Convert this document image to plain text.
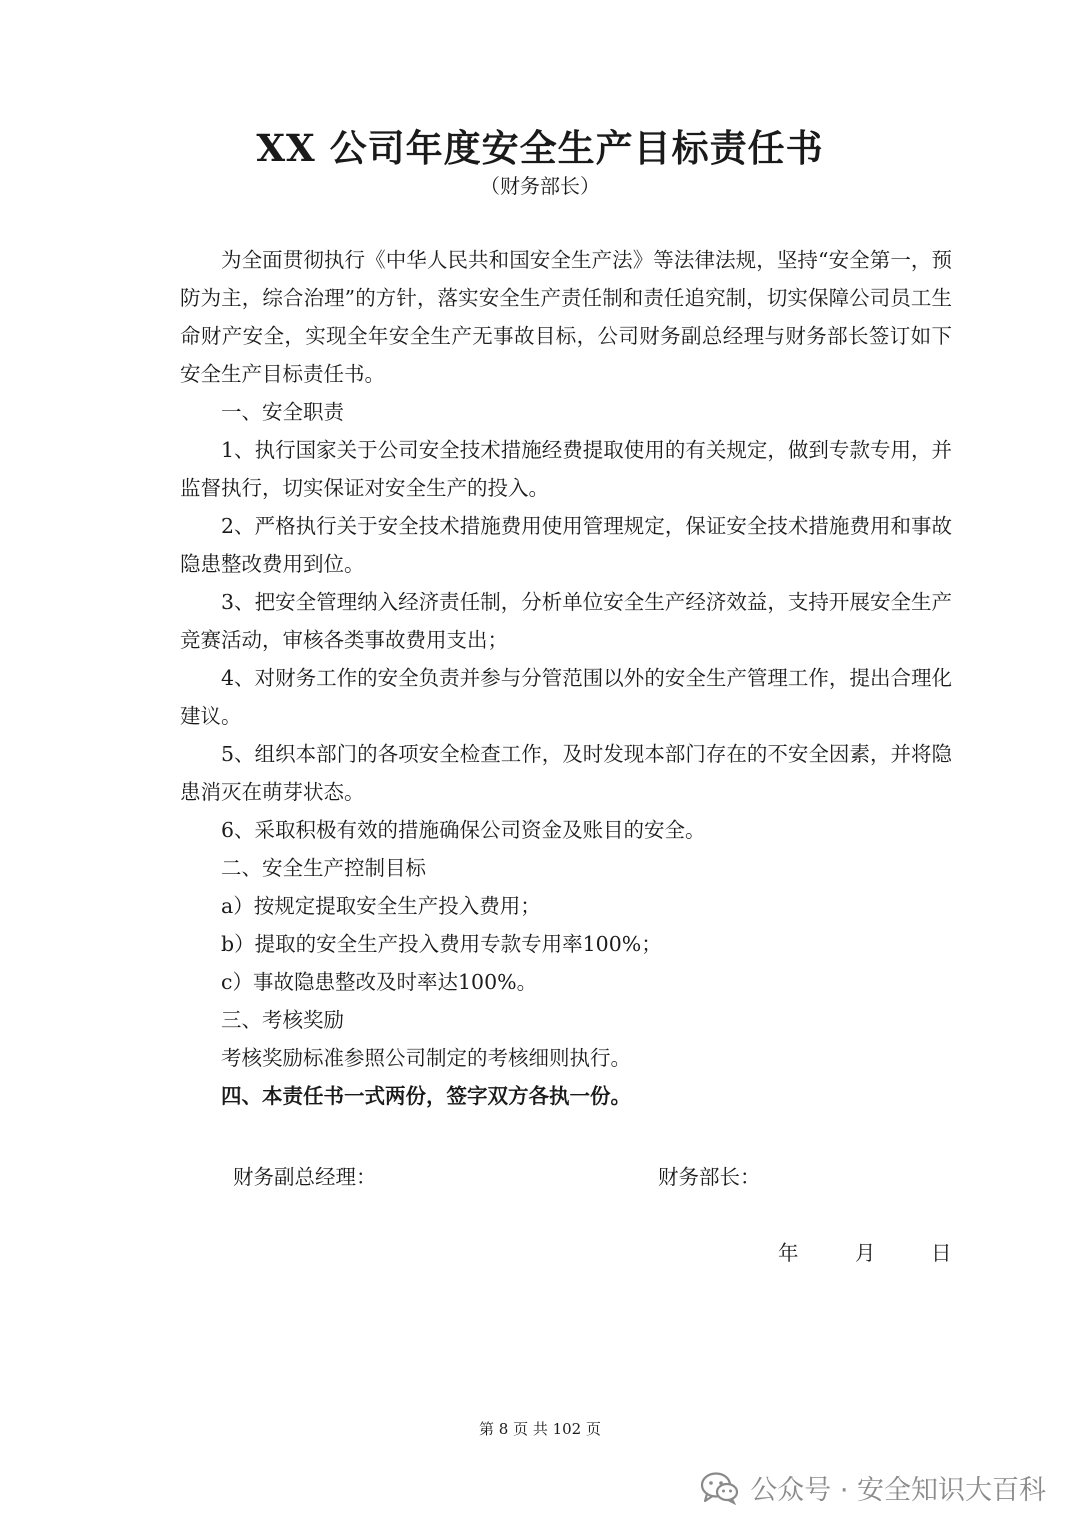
XX 公司年度安全生产目标责任书
（财务部长）

为全面贯彻执行《中华人民共和国安全生产法》等法律法规，坚持“安全第一，预防为主，综合治理”的方针，落实安全生产责任制和责任追究制，切实保障公司员工生命财产安全，实现全年安全生产无事故目标，公司财务副总经理与财务部长签订如下安全生产目标责任书。

一、安全职责

1、执行国家关于公司安全技术措施经费提取使用的有关规定，做到专款专用，并监督执行，切实保证对安全生产的投入。

2、严格执行关于安全技术措施费用使用管理规定，保证安全技术措施费用和事故隐患整改费用到位。

3、把安全管理纳入经济责任制，分析单位安全生产经济效益，支持开展安全生产竞赛活动，审核各类事故费用支出；

4、对财务工作的安全负责并参与分管范围以外的安全生产管理工作，提出合理化建议。

5、组织本部门的各项安全检查工作，及时发现本部门存在的不安全因素，并将隐患消灭在萌芽状态。

6、采取积极有效的措施确保公司资金及账目的安全。

二、安全生产控制目标

a）按规定提取安全生产投入费用；

b）提取的安全生产投入费用专款专用率100%；

c）事故隐患整改及时率达100%。

三、考核奖励

考核奖励标准参照公司制定的考核细则执行。

四、本责任书一式两份，签字双方各执一份。

财务副总经理：	财务部长：
年	月	日
第 8 页 共 102 页
公众号 · 安全知识大百科
